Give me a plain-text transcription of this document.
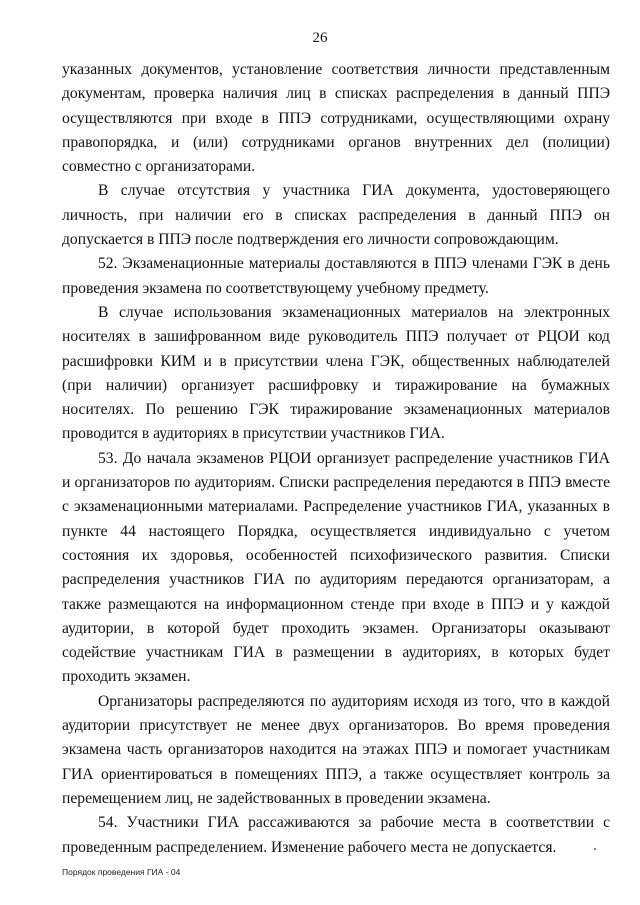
26

указанных документов, установление соответствия личности представленным документам, проверка наличия лиц в списках распределения в данный ППЭ осуществляются при входе в ППЭ сотрудниками, осуществляющими охрану правопорядка, и (или) сотрудниками органов внутренних дел (полиции) совместно с организаторами.

В случае отсутствия у участника ГИА документа, удостоверяющего личность, при наличии его в списках распределения в данный ППЭ он допускается в ППЭ после подтверждения его личности сопровождающим.

52. Экзаменационные материалы доставляются в ППЭ членами ГЭК в день проведения экзамена по соответствующему учебному предмету.

В случае использования экзаменационных материалов на электронных носителях в зашифрованном виде руководитель ППЭ получает от РЦОИ код расшифровки КИМ и в присутствии члена ГЭК, общественных наблюдателей (при наличии) организует расшифровку и тиражирование на бумажных носителях. По решению ГЭК тиражирование экзаменационных материалов проводится в аудиториях в присутствии участников ГИА.

53. До начала экзаменов РЦОИ организует распределение участников ГИА и организаторов по аудиториям. Списки распределения передаются в ППЭ вместе с экзаменационными материалами. Распределение участников ГИА, указанных в пункте 44 настоящего Порядка, осуществляется индивидуально с учетом состояния их здоровья, особенностей психофизического развития. Списки распределения участников ГИА по аудиториям передаются организаторам, а также размещаются на информационном стенде при входе в ППЭ и у каждой аудитории, в которой будет проходить экзамен. Организаторы оказывают содействие участникам ГИА в размещении в аудиториях, в которых будет проходить экзамен.

Организаторы распределяются по аудиториям исходя из того, что в каждой аудитории присутствует не менее двух организаторов. Во время проведения экзамена часть организаторов находится на этажах ППЭ и помогает участникам ГИА ориентироваться в помещениях ППЭ, а также осуществляет контроль за перемещением лиц, не задействованных в проведении экзамена.

54. Участники ГИА рассаживаются за рабочие места в соответствии с проведенным распределением. Изменение рабочего места не допускается.

Порядок проведения ГИА - 04
